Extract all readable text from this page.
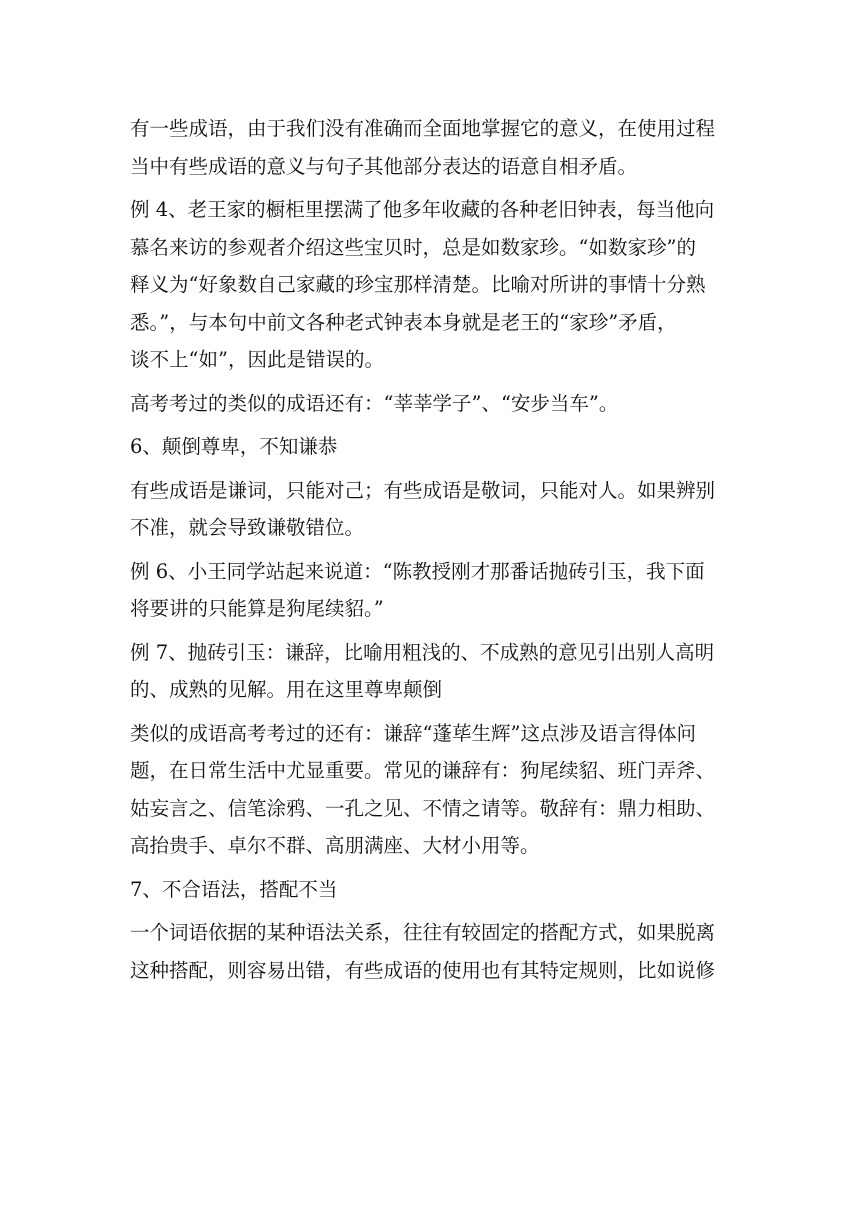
有一些成语，由于我们没有准确而全面地掌握它的意义，在使用过程
当中有些成语的意义与句子其他部分表达的语意自相矛盾。

例 4、老王家的橱柜里摆满了他多年收藏的各种老旧钟表，每当他向
慕名来访的参观者介绍这些宝贝时，总是如数家珍。“如数家珍”的
释义为“好象数自己家藏的珍宝那样清楚。比喻对所讲的事情十分熟
悉。”，与本句中前文各种老式钟表本身就是老王的“家珍”矛盾，
谈不上“如”，因此是错误的。

高考考过的类似的成语还有：“莘莘学子”、“安步当车”。

6、颠倒尊卑，不知谦恭

有些成语是谦词，只能对己；有些成语是敬词，只能对人。如果辨别
不准，就会导致谦敬错位。

例 6、小王同学站起来说道：“陈教授刚才那番话抛砖引玉，我下面
将要讲的只能算是狗尾续貂。”

例 7、抛砖引玉：谦辞，比喻用粗浅的、不成熟的意见引出别人高明
的、成熟的见解。用在这里尊卑颠倒

类似的成语高考考过的还有：谦辞“蓬荜生辉”这点涉及语言得体问
题，在日常生活中尤显重要。常见的谦辞有：狗尾续貂、班门弄斧、
姑妄言之、信笔涂鸦、一孔之见、不情之请等。敬辞有：鼎力相助、
高抬贵手、卓尔不群、高朋满座、大材小用等。

7、不合语法，搭配不当

一个词语依据的某种语法关系，往往有较固定的搭配方式，如果脱离
这种搭配，则容易出错，有些成语的使用也有其特定规则，比如说修
